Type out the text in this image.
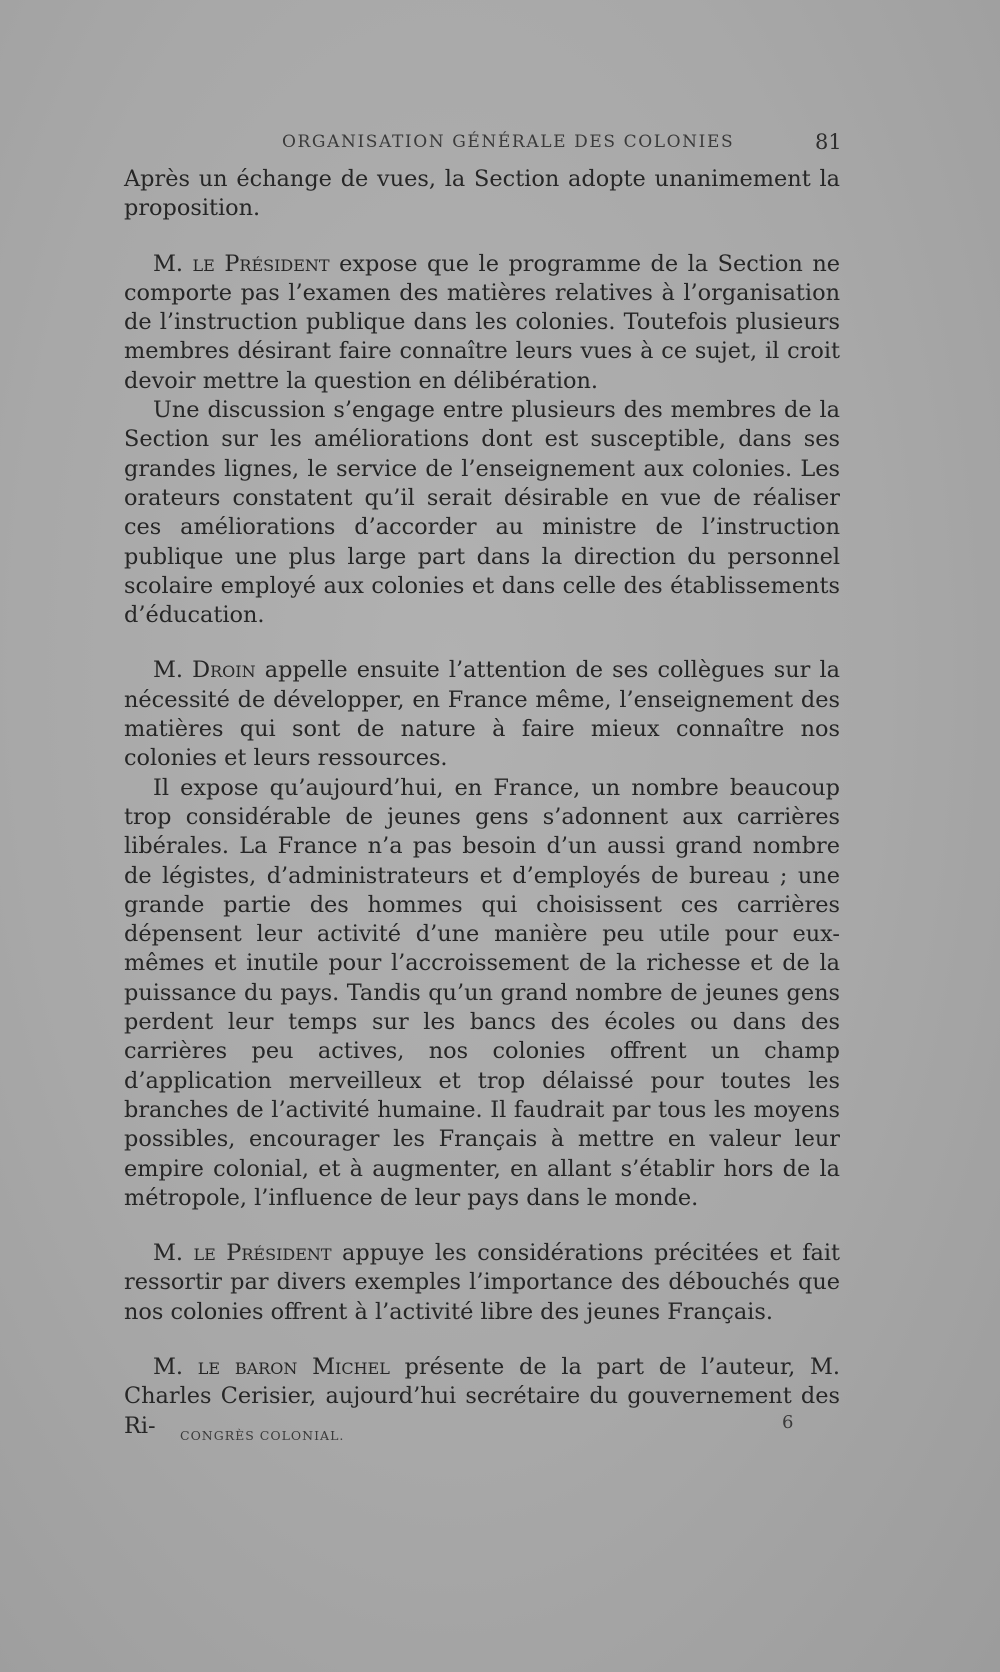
ORGANISATION GÉNÉRALE DES COLONIES	81

Après un échange de vues, la Section adopte unanimement la proposition.

M. le Président expose que le programme de la Section ne comporte pas l’examen des matières relatives à l’organisation de l’instruction publique dans les colonies. Toutefois plusieurs membres désirant faire connaître leurs vues à ce sujet, il croit devoir mettre la question en délibération.

Une discussion s’engage entre plusieurs des membres de la Section sur les améliorations dont est susceptible, dans ses grandes lignes, le service de l’enseignement aux colonies. Les orateurs constatent qu’il serait désirable en vue de réaliser ces améliorations d’accorder au ministre de l’instruction publique une plus large part dans la direction du personnel scolaire employé aux colonies et dans celle des établissements d’éducation.

M. Droin appelle ensuite l’attention de ses collègues sur la nécessité de développer, en France même, l’enseignement des matières qui sont de nature à faire mieux connaître nos colonies et leurs ressources.

Il expose qu’aujourd’hui, en France, un nombre beaucoup trop considérable de jeunes gens s’adonnent aux carrières libérales. La France n’a pas besoin d’un aussi grand nombre de légistes, d’administrateurs et d’employés de bureau ; une grande partie des hommes qui choisissent ces carrières dépensent leur activité d’une manière peu utile pour eux-mêmes et inutile pour l’accroissement de la richesse et de la puissance du pays. Tandis qu’un grand nombre de jeunes gens perdent leur temps sur les bancs des écoles ou dans des carrières peu actives, nos colonies offrent un champ d’application merveilleux et trop délaissé pour toutes les branches de l’activité humaine. Il faudrait par tous les moyens possibles, encourager les Français à mettre en valeur leur empire colonial, et à augmenter, en allant s’établir hors de la métropole, l’influence de leur pays dans le monde.

M. le Président appuye les considérations précitées et fait ressortir par divers exemples l’importance des débouchés que nos colonies offrent à l’activité libre des jeunes Français.

M. le baron Michel présente de la part de l’auteur, M. Charles Cerisier, aujourd’hui secrétaire du gouvernement des Ri-	CONGRÈS COLONIAL.
6
